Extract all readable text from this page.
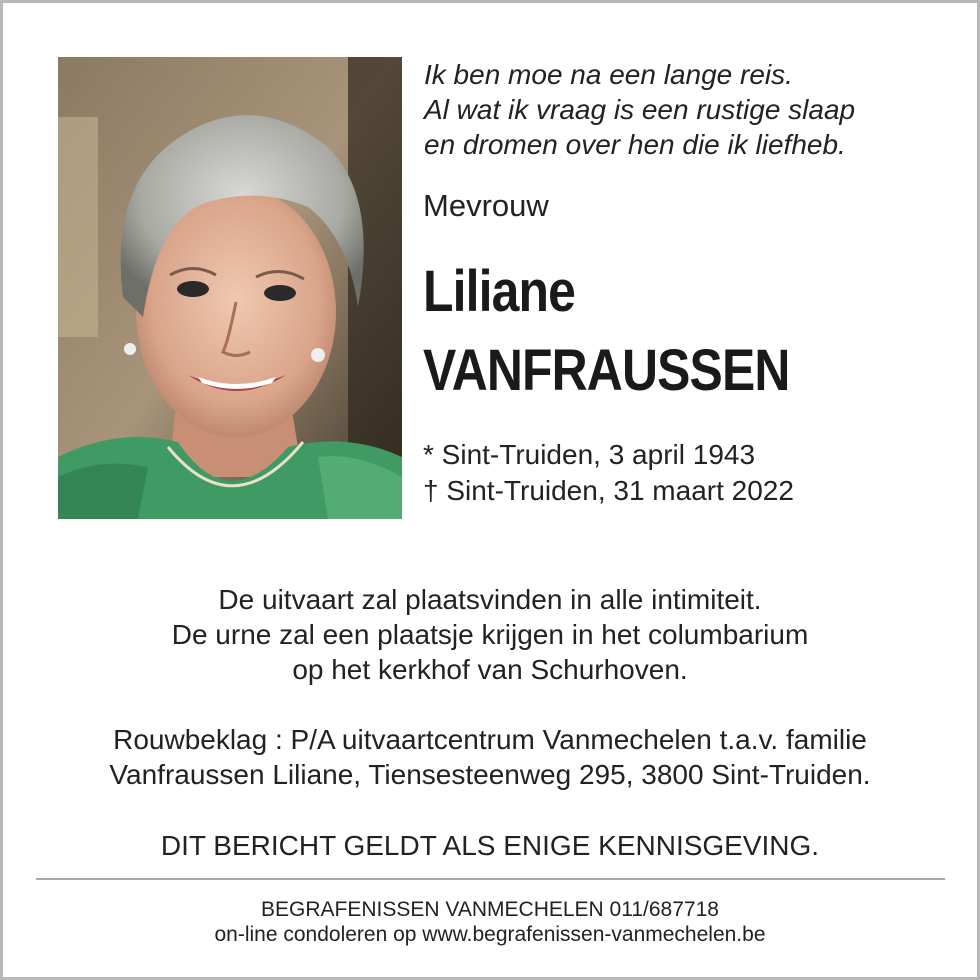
Ik ben moe na een lange reis.
Al wat ik vraag is een rustige slaap
en dromen over hen die ik liefheb.
Mevrouw
Liliane
VANFRAUSSEN
* Sint-Truiden, 3 april 1943
† Sint-Truiden, 31 maart 2022
De uitvaart zal plaatsvinden in alle intimiteit.
De urne zal een plaatsje krijgen in het columbarium
op het kerkhof van Schurhoven.
Rouwbeklag : P/A uitvaartcentrum Vanmechelen t.a.v. familie
Vanfraussen Liliane, Tiensesteenweg 295, 3800 Sint-Truiden.
DIT BERICHT GELDT ALS ENIGE KENNISGEVING.
BEGRAFENISSEN VANMECHELEN 011/687718
on-line condoleren op www.begrafenissen-vanmechelen.be
